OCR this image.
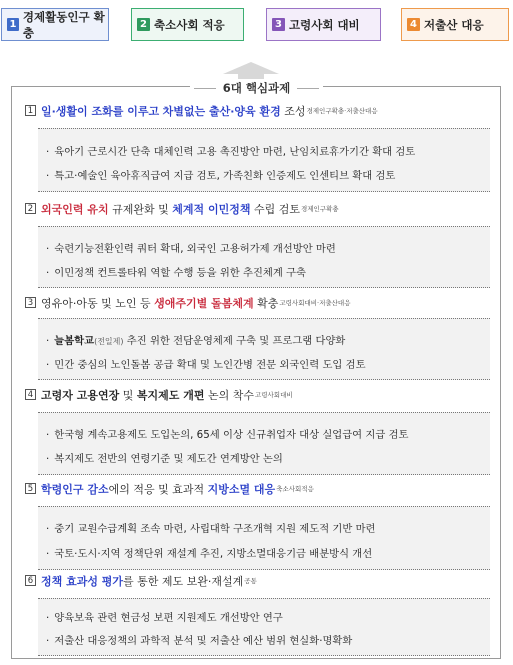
1
경제활동인구 확충
2 축소사회 적응	3 고령사회 대비	4 저출산 대응
6대 핵심과제
1 일·생활이 조화를 이루고
차별없는 출산·양육 환경
조성 경제인구확충·저출산대응
· 육아기 근로시간 단축 대체인력 고용 촉진방안 마련, 난임치료휴가기간 확대 검토
· 특고·예술인 육아휴직급여 지급 검토, 가족친화 인증제도 인센티브 확대 검토
2 외국인력 유치
규제완화 및
체계적 이민정책
수립 검토 경제인구확충
· 숙련기능전환인력 쿼터 확대, 외국인 고용허가제 개선방안 마련
· 이민정책 컨트롤타워 역할 수행 등을 위한 추진체계 구축
3 영유아·아동 및 노인 등
생애주기별 돌봄체계
확충 고령사회대비·저출산대응
· 늘봄학교(전일제) 추진 위한 전담운영체제 구축 및 프로그램 다양화
· 민간 중심의 노인돌봄 공급 확대 및 노인간병 전문 외국인력 도입 검토
4 고령자 고용연장
및
복지제도 개편
논의 착수 고령사회대비
· 한국형 계속고용제도 도입논의, 65세 이상 신규취업자 대상 실업급여 지급 검토
· 복지제도 전반의 연령기준 및 제도간 연계방안 논의
5 학령인구 감소 에의 적응 및 효과적
지방소멸 대응 축소사회적응
· 중기 교원수급계획 조속 마련, 사립대학 구조개혁 지원 제도적 기반 마련
· 국토·도시·지역 정책단위 재설계 추진, 지방소멸대응기금 배분방식 개선
6 정책 효과성 평가 를 통한 제도 보완·재설계 공통
· 양육보육 관련 현금성 보편 지원제도 개선방안 연구
· 저출산 대응정책의 과학적 분석 및 저출산 예산 범위 현실화·명확화
